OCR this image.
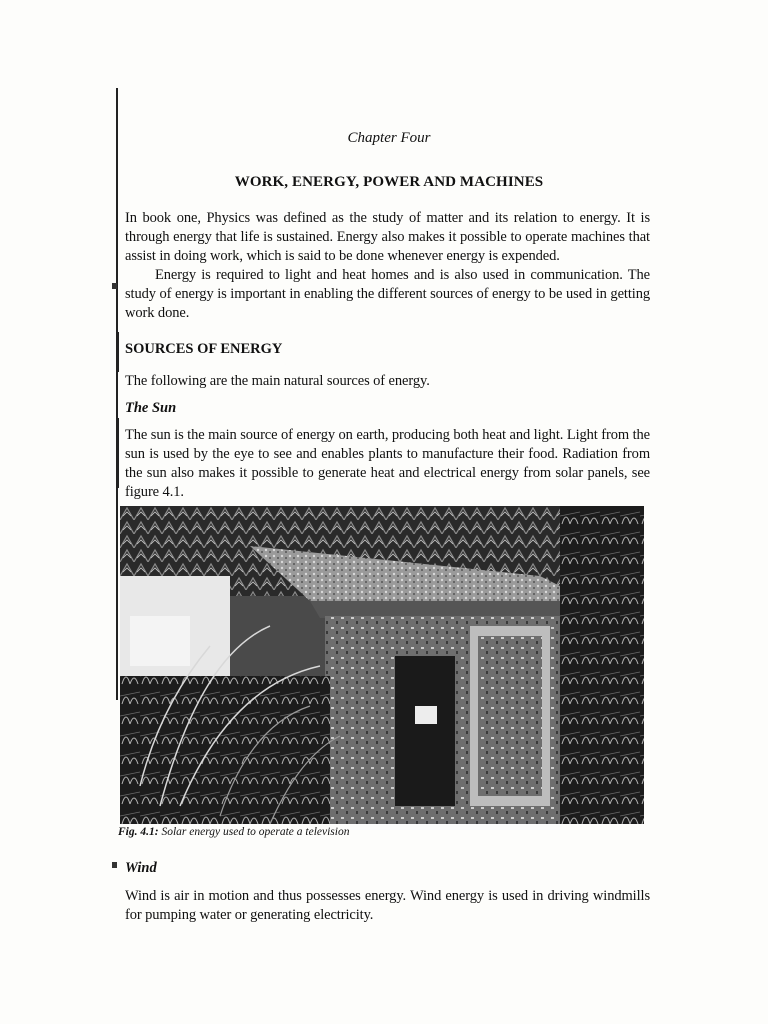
Chapter Four
WORK, ENERGY, POWER AND MACHINES
In book one, Physics was defined as the study of matter and its relation to energy. It is through energy that life is sustained. Energy also makes it possible to operate machines that assist in doing work, which is said to be done whenever energy is expended.
Energy is required to light and heat homes and is also used in communication. The study of energy is important in enabling the different sources of energy to be used in getting work done.
SOURCES OF ENERGY
The following are the main natural sources of energy.
The Sun
The sun is the main source of energy on earth, producing both heat and light. Light from the sun is used by the eye to see and enables plants to manufacture their food. Radiation from the sun also makes it possible to generate heat and electrical energy from solar panels, see figure 4.1.
Fig. 4.1: Solar energy used to operate a television
Wind
Wind is air in motion and thus possesses energy. Wind energy is used in driving windmills for pumping water or generating electricity.
